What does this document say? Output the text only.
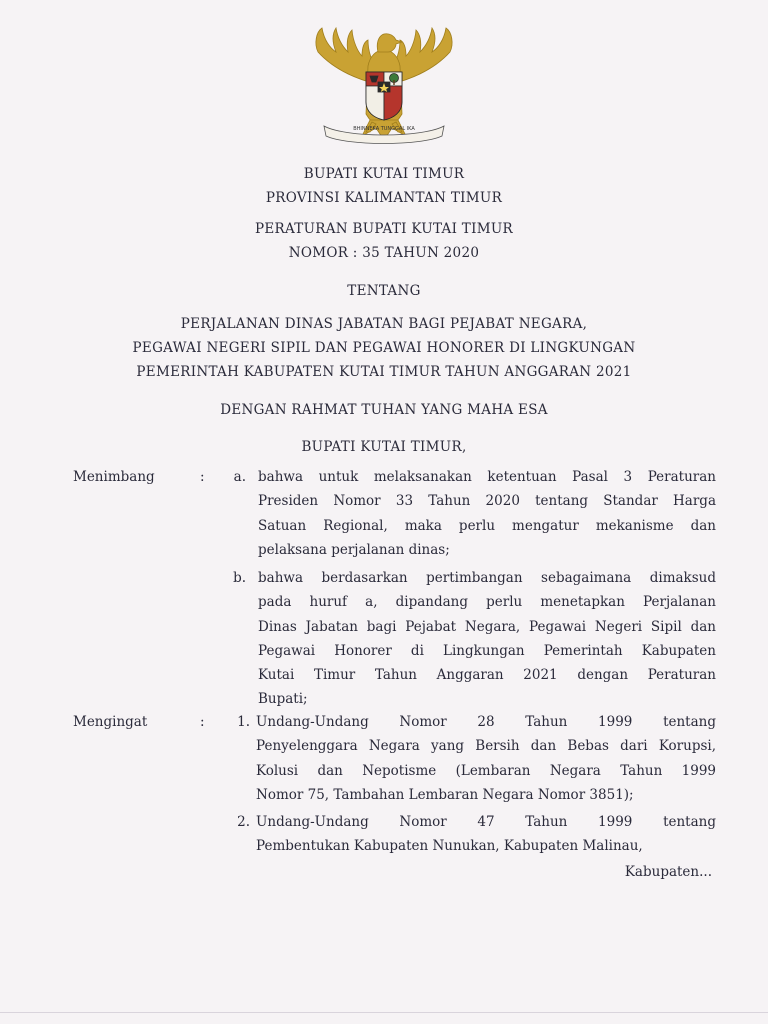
BHINNEKA TUNGGAL IKA
BUPATI KUTAI TIMUR
PROVINSI KALIMANTAN TIMUR
PERATURAN BUPATI KUTAI TIMUR
NOMOR : 35 TAHUN 2020
TENTANG
PERJALANAN DINAS JABATAN BAGI PEJABAT NEGARA,
PEGAWAI NEGERI SIPIL DAN PEGAWAI HONORER DI LINGKUNGAN
PEMERINTAH KABUPATEN KUTAI TIMUR TAHUN ANGGARAN 2021
DENGAN RAHMAT TUHAN YANG MAHA ESA
BUPATI KUTAI TIMUR,
Menimbang	:	a. bahwa untuk melaksanakan ketentuan Pasal 3 Peraturan
Presiden Nomor 33 Tahun 2020 tentang Standar Harga
Satuan Regional, maka perlu mengatur mekanisme dan
pelaksana perjalanan dinas;
b. bahwa berdasarkan pertimbangan sebagaimana dimaksud
pada huruf a, dipandang perlu menetapkan Perjalanan
Dinas Jabatan bagi Pejabat Negara, Pegawai Negeri Sipil dan
Pegawai Honorer di Lingkungan Pemerintah Kabupaten
Kutai Timur Tahun Anggaran 2021 dengan Peraturan
Bupati;
Mengingat	:	1. Undang-Undang Nomor 28 Tahun 1999 tentang
Penyelenggara Negara yang Bersih dan Bebas dari Korupsi,
Kolusi dan Nepotisme (Lembaran Negara Tahun 1999
Nomor 75, Tambahan Lembaran Negara Nomor 3851);
2. Undang-Undang Nomor 47 Tahun 1999 tentang
Pembentukan Kabupaten Nunukan, Kabupaten Malinau,
Kabupaten...
